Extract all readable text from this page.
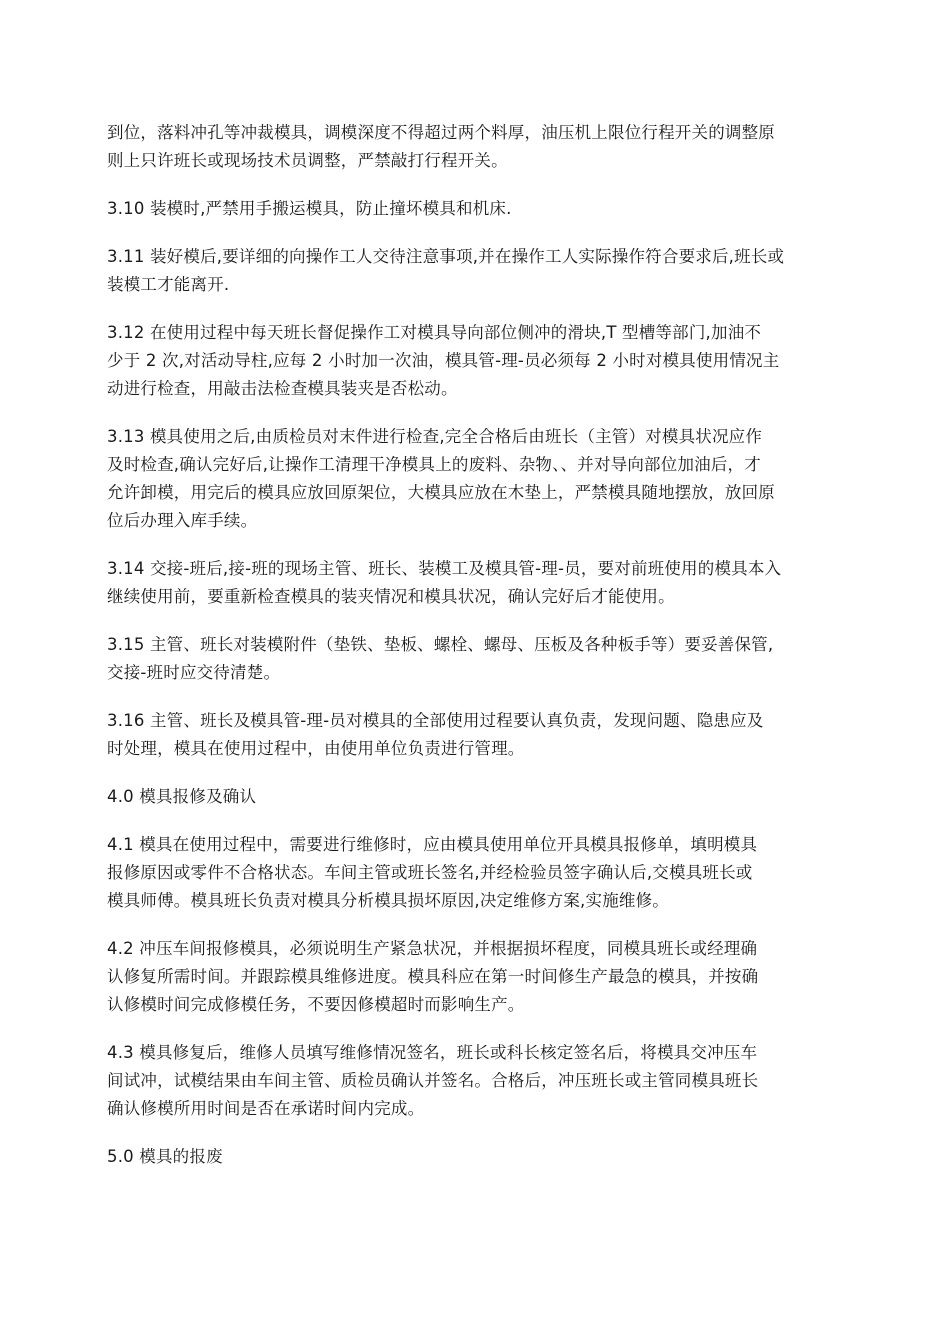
到位，落料冲孔等冲裁模具，调模深度不得超过两个料厚，油压机上限位行程开关的调整原
则上只许班长或现场技术员调整，严禁敲打行程开关。

3.10 装模时,严禁用手搬运模具，防止撞坏模具和机床.

3.11 装好模后,要详细的向操作工人交待注意事项,并在操作工人实际操作符合要求后,班长或
装模工才能离开.

3.12 在使用过程中每天班长督促操作工对模具导向部位侧冲的滑块,T 型槽等部门,加油不
少于 2 次,对活动导柱,应每 2 小时加一次油，模具管-理-员必须每 2 小时对模具使用情况主
动进行检查，用敲击法检查模具装夹是否松动。

3.13 模具使用之后,由质检员对末件进行检查,完全合格后由班长（主管）对模具状况应作
及时检查,确认完好后,让操作工清理干净模具上的废料、杂物、、并对导向部位加油后，才
允许卸模，用完后的模具应放回原架位，大模具应放在木垫上，严禁模具随地摆放，放回原
位后办理入库手续。

3.14 交接-班后,接-班的现场主管、班长、装模工及模具管-理-员，要对前班使用的模具本入
继续使用前，要重新检查模具的装夹情况和模具状况，确认完好后才能使用。

3.15 主管、班长对装模附件（垫铁、垫板、螺栓、螺母、压板及各种板手等）要妥善保管,
交接-班时应交待清楚。

3.16 主管、班长及模具管-理-员对模具的全部使用过程要认真负责，发现问题、隐患应及
时处理，模具在使用过程中，由使用单位负责进行管理。

4.0 模具报修及确认

4.1 模具在使用过程中，需要进行维修时，应由模具使用单位开具模具报修单，填明模具
报修原因或零件不合格状态。车间主管或班长签名,并经检验员签字确认后,交模具班长或
模具师傅。模具班长负责对模具分析模具损坏原因,决定维修方案,实施维修。

4.2 冲压车间报修模具，必须说明生产紧急状况，并根据损坏程度，同模具班长或经理确
认修复所需时间。并跟踪模具维修进度。模具科应在第一时间修生产最急的模具，并按确
认修模时间完成修模任务，不要因修模超时而影响生产。

4.3 模具修复后，维修人员填写维修情况签名，班长或科长核定签名后，将模具交冲压车
间试冲，试模结果由车间主管、质检员确认并签名。合格后，冲压班长或主管同模具班长
确认修模所用时间是否在承诺时间内完成。

5.0 模具的报废
